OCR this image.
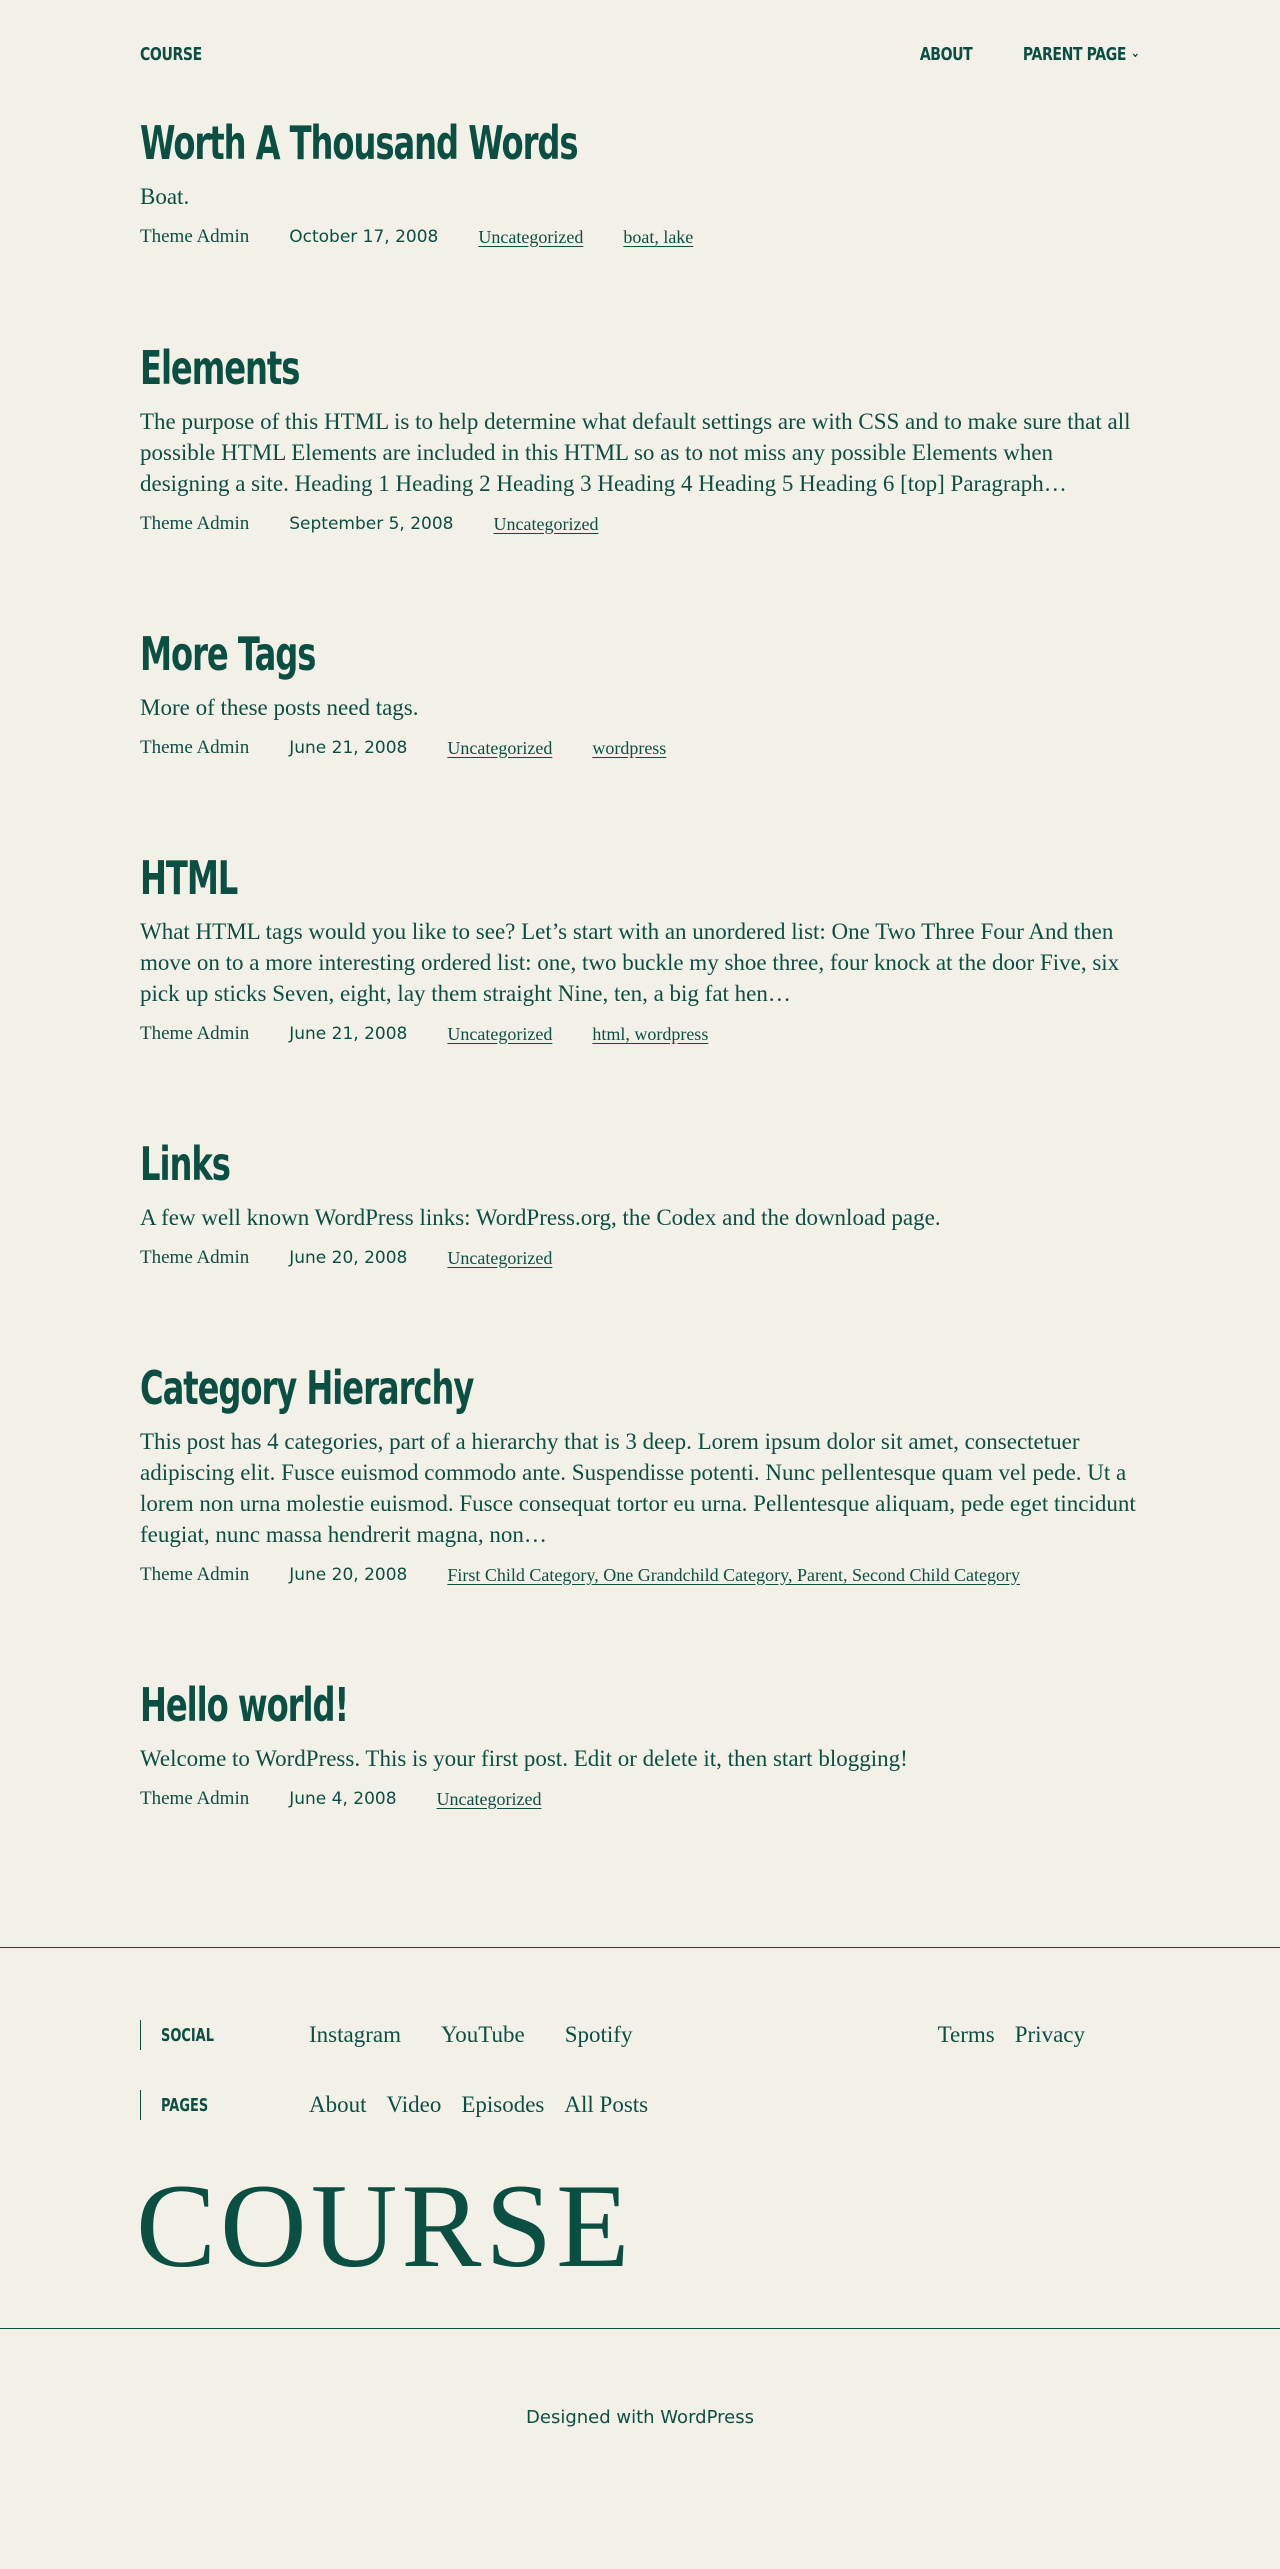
COURSE	ABOUT	PARENT PAGE ⌄
Worth A Thousand Words

Boat.

Theme Admin October 17, 2008 Uncategorized boat, lake
Elements

The purpose of this HTML is to help determine what default settings are with CSS and to make sure that all possible HTML Elements are included in this HTML so as to not miss any possible Elements when designing a site. Heading 1 Heading 2 Heading 3 Heading 4 Heading 5 Heading 6 [top] Paragraph…

Theme Admin September 5, 2008 Uncategorized
More Tags

More of these posts need tags.

Theme Admin June 21, 2008 Uncategorized wordpress
HTML

What HTML tags would you like to see? Let’s start with an unordered list: One Two Three Four And then move on to a more interesting ordered list: one, two buckle my shoe three, four knock at the door Five, six pick up sticks Seven, eight, lay them straight Nine, ten, a big fat hen…

Theme Admin June 21, 2008 Uncategorized html, wordpress
Links

A few well known WordPress links: WordPress.org, the Codex and the download page.

Theme Admin June 20, 2008 Uncategorized
Category Hierarchy

This post has 4 categories, part of a hierarchy that is 3 deep. Lorem ipsum dolor sit amet, consectetuer adipiscing elit. Fusce euismod commodo ante. Suspendisse potenti. Nunc pellentesque quam vel pede. Ut a lorem non urna molestie euismod. Fusce consequat tortor eu urna. Pellentesque aliquam, pede eget tincidunt feugiat, nunc massa hendrerit magna, non…

Theme Admin June 20, 2008 First Child Category, One Grandchild Category, Parent, Second Child Category
Hello world!

Welcome to WordPress. This is your first post. Edit or delete it, then start blogging!

Theme Admin June 4, 2008 Uncategorized
SOCIAL	Instagram YouTube Spotify	Terms Privacy
PAGES	About Video Episodes All Posts
COURSE
Designed with WordPress
